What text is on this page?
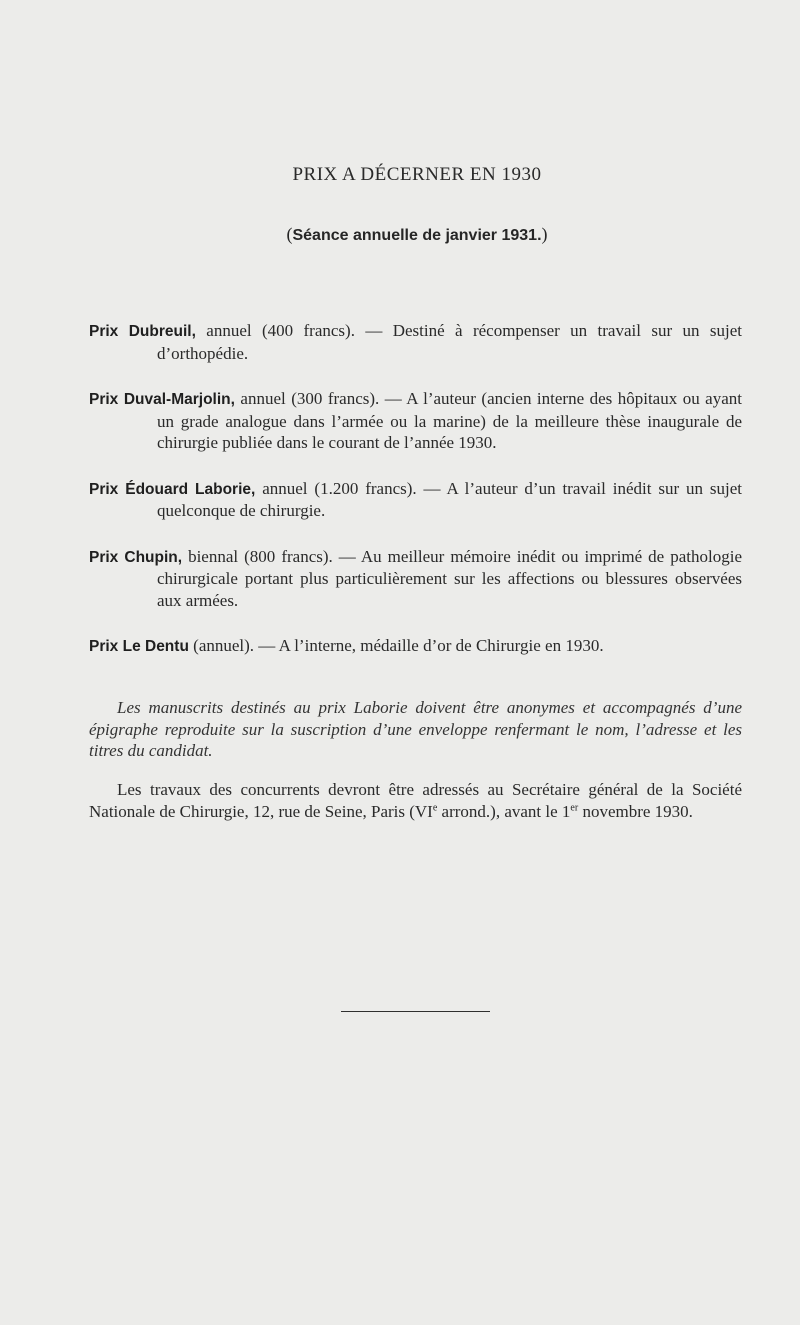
PRIX A DÉCERNER EN 1930
(Séance annuelle de janvier 1931.)
Prix Dubreuil, annuel (400 francs). — Destiné à récompenser un travail sur un sujet d’orthopédie.
Prix Duval-Marjolin, annuel (300 francs). — A l’auteur (ancien interne des hôpitaux ou ayant un grade analogue dans l’armée ou la marine) de la meilleure thèse inaugurale de chirurgie publiée dans le courant de l’année 1930.
Prix Édouard Laborie, annuel (1.200 francs). — A l’auteur d’un travail inédit sur un sujet quelconque de chirurgie.
Prix Chupin, biennal (800 francs). — Au meilleur mémoire inédit ou imprimé de pathologie chirurgicale portant plus particulièrement sur les affections ou blessures observées aux armées.
Prix Le Dentu (annuel). — A l’interne, médaille d’or de Chirurgie en 1930.

Les manuscrits destinés au prix Laborie doivent être anonymes et accompagnés d’une épigraphe reproduite sur la suscription d’une enveloppe renfermant le nom, l’adresse et les titres du candidat.

Les travaux des concurrents devront être adressés au Secrétaire général de la Société Nationale de Chirurgie, 12, rue de Seine, Paris (VIe arrond.), avant le 1er novembre 1930.
